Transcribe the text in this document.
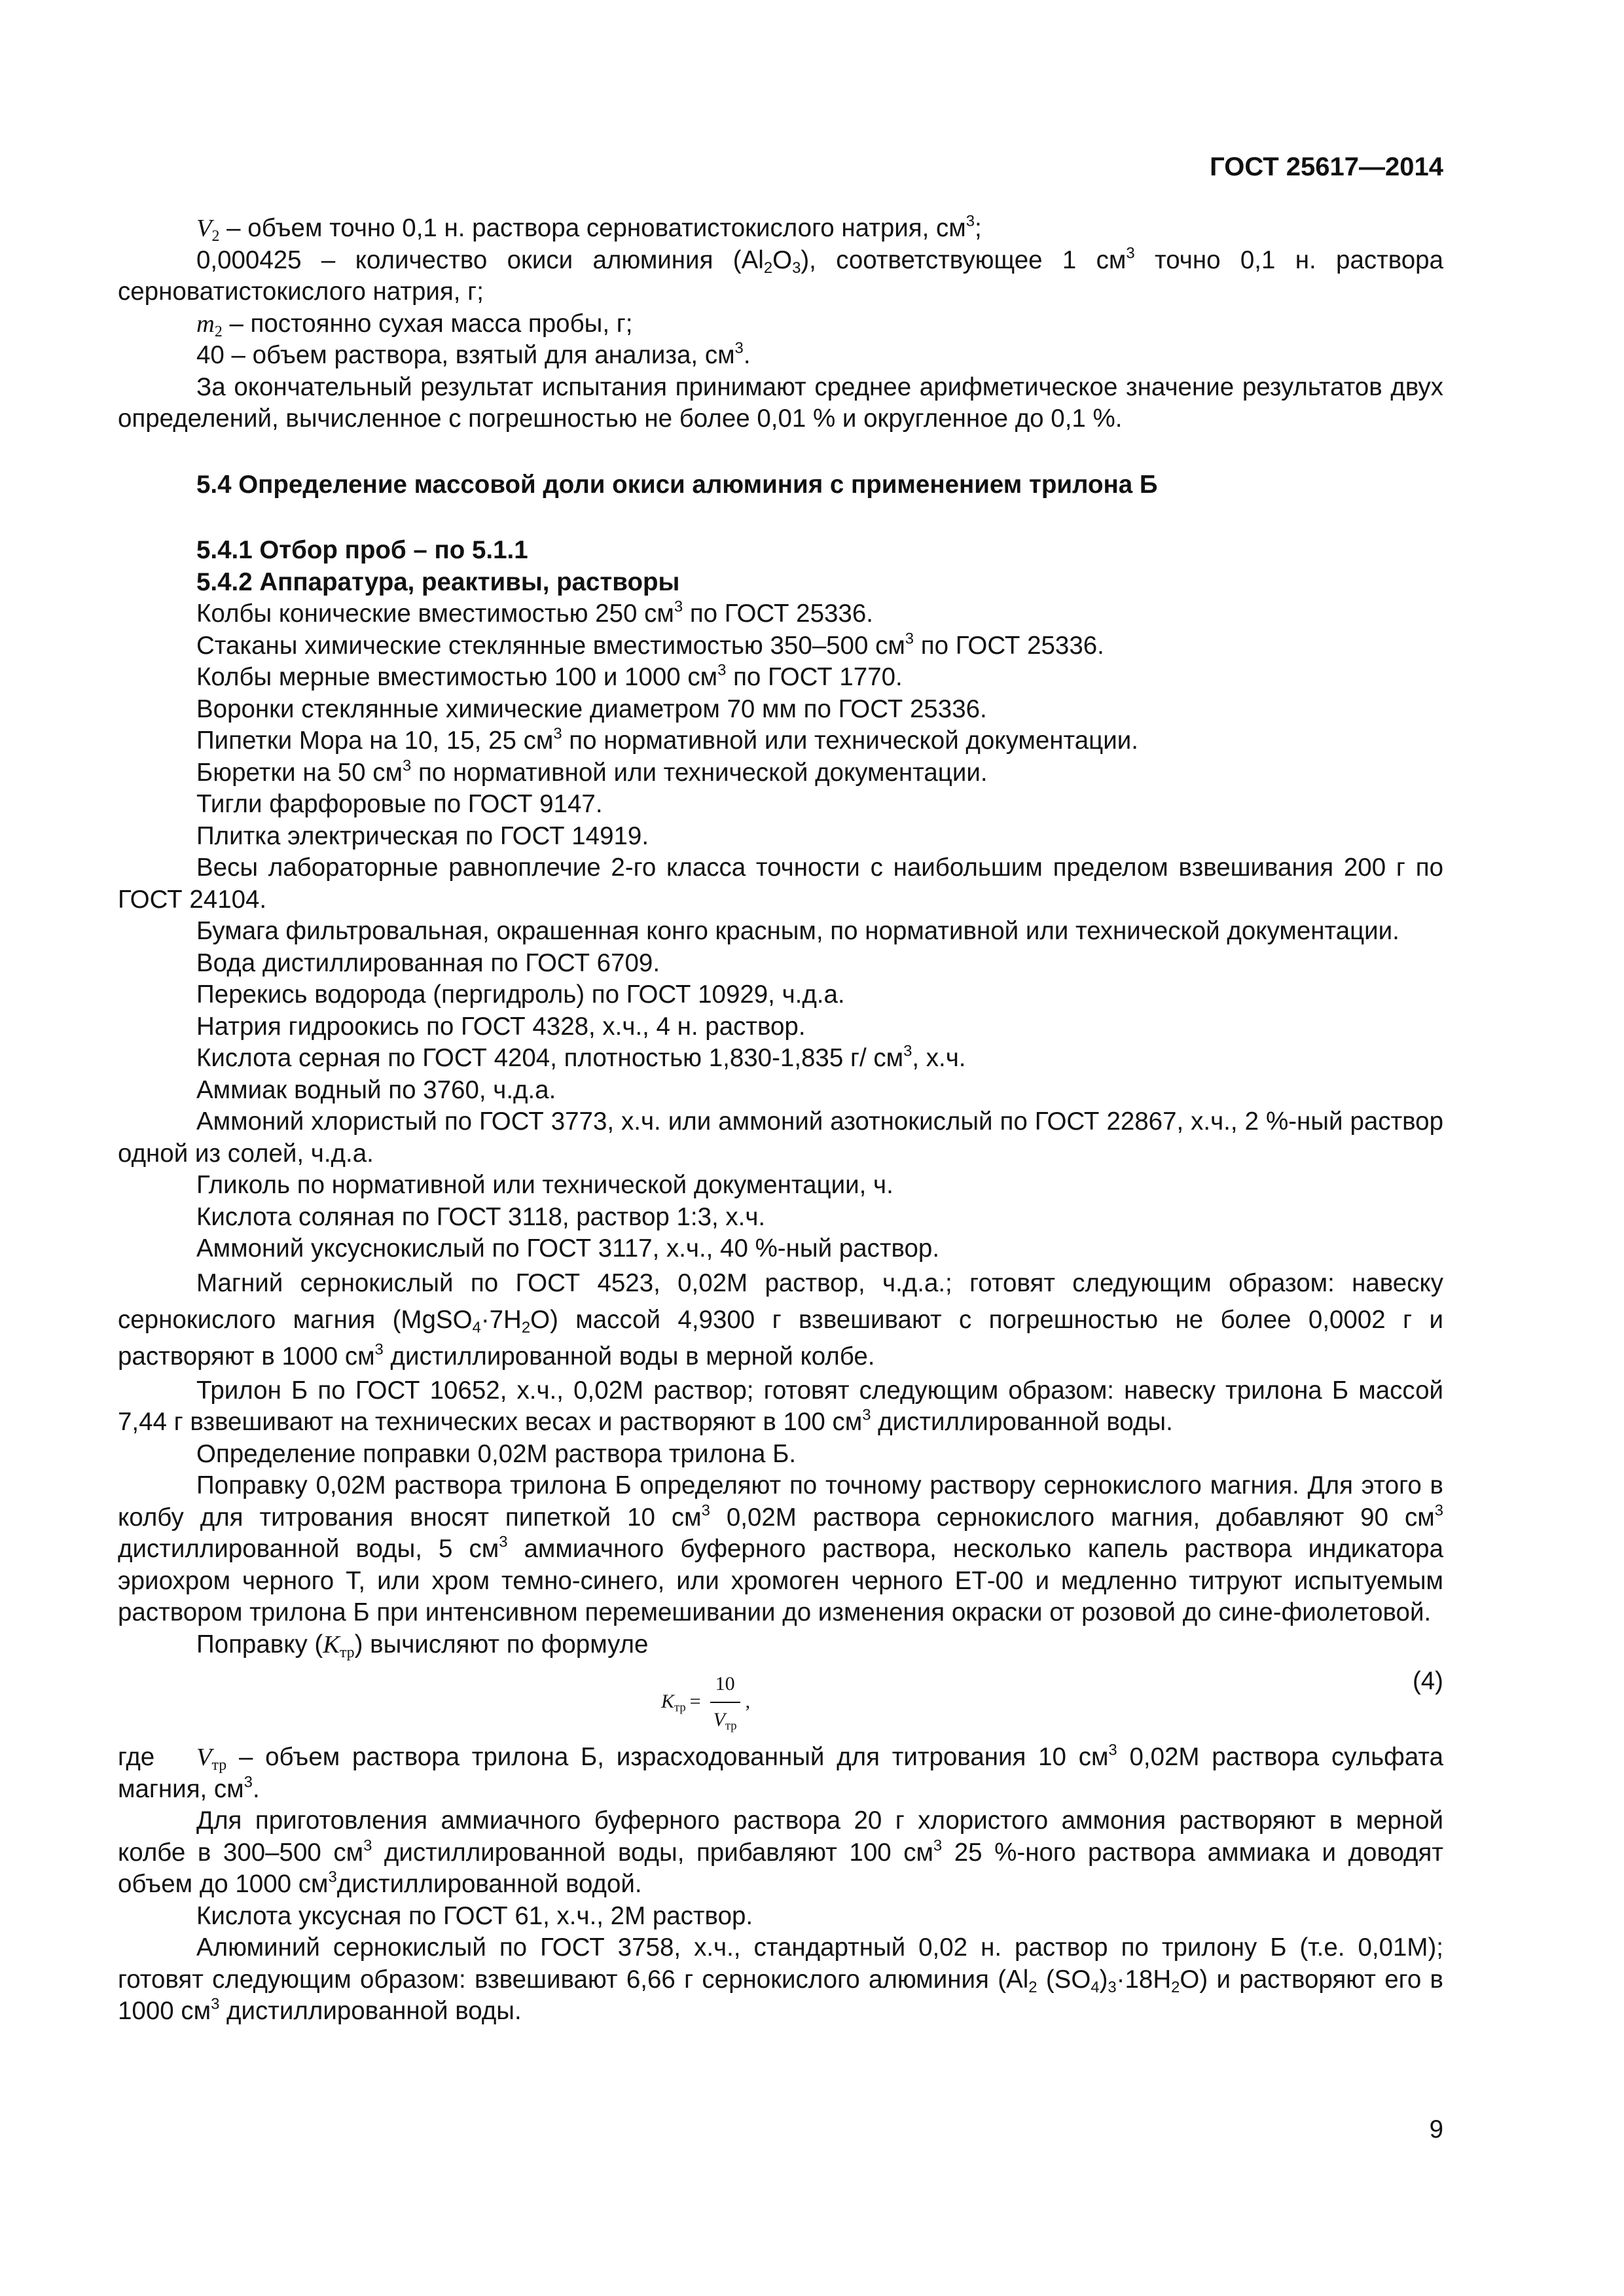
ГОСТ 25617—2014

$V_2$ – объем точно 0,1 н. раствора серноватистокислого натрия, $см^3$;

0,000425 – количество окиси алюминия $(Al_2O_3)$, соответствующее 1 $см^3$ точно 0,1 н. раствора серноватистокислого натрия, г;

$m_2$ – постоянно сухая масса пробы, г;

40 – объем раствора, взятый для анализа, $см^3$.

За окончательный результат испытания принимают среднее арифметическое значение результатов двух определений, вычисленное с погрешностью не более 0,01 % и округленное до 0,1 %.

5.4 Определение массовой доли окиси алюминия с применением трилона Б
5.4.1 Отбор проб – по 5.1.1
5.4.2 Аппаратура, реактивы, растворы

Колбы конические вместимостью 250 $см^3$ по ГОСТ 25336.

Стаканы химические стеклянные вместимостью 350–500 $см^3$ по ГОСТ 25336.

Колбы мерные вместимостью 100 и 1000 $см^3$ по ГОСТ 1770.

Воронки стеклянные химические диаметром 70 мм по ГОСТ 25336.

Пипетки Мора на 10, 15, 25 $см^3$ по нормативной или технической документации.

Бюретки на 50 $см^3$ по нормативной или технической документации.

Тигли фарфоровые по ГОСТ 9147.

Плитка электрическая по ГОСТ 14919.

Весы лабораторные равноплечие 2-го класса точности с наибольшим пределом взвешивания 200 г по ГОСТ 24104.

Бумага фильтровальная, окрашенная конго красным, по нормативной или технической документации.

Вода дистиллированная по ГОСТ 6709.

Перекись водорода (пергидроль) по ГОСТ 10929, ч.д.а.

Натрия гидроокись по ГОСТ 4328, х.ч., 4 н. раствор.

Кислота серная по ГОСТ 4204, плотностью 1,830-1,835 г/ $см^3$, х.ч.

Аммиак водный по 3760, ч.д.а.

Аммоний хлористый по ГОСТ 3773, х.ч. или аммоний азотнокислый по ГОСТ 22867, х.ч., 2 %-ный раствор одной из солей, ч.д.а.

Гликоль по нормативной или технической документации, ч.

Кислота соляная по ГОСТ 3118, раствор 1:3, х.ч.

Аммоний уксуснокислый по ГОСТ 3117, х.ч., 40 %-ный раствор.

Магний сернокислый по ГОСТ 4523, 0,02М раствор, ч.д.а.; готовят следующим образом: навеску сернокислого магния $(MgSO_4\cdot 7H_2O)$ массой 4,9300 г взвешивают с погрешностью не более 0,0002 г и растворяют в 1000 $см^3$ дистиллированной воды в мерной колбе.

Трилон Б по ГОСТ 10652, х.ч., 0,02М раствор; готовят следующим образом: навеску трилона Б массой 7,44 г взвешивают на технических весах и растворяют в 100 $см^3$ дистиллированной воды.

Определение поправки 0,02М раствора трилона Б.

Поправку 0,02М раствора трилона Б определяют по точному раствору сернокислого магния. Для этого в колбу для титрования вносят пипеткой 10 $см^3$ 0,02М раствора сернокислого магния, добавляют 90 $см^3$ дистиллированной воды, 5 $см^3$ аммиачного буферного раствора, несколько капель раствора индикатора эриохром черного Т, или хром темно-синего, или хромоген черного ЕТ-00 и медленно титруют испытуемым раствором трилона Б при интенсивном перемешивании до изменения окраски от розовой до сине-фиолетовой.

Поправку $(K_{тр})$ вычисляют по формуле

$K_{тр} = \frac{10}{V_{тр}}$ ,
(4)

где $V_{тр}$ – объем раствора трилона Б, израсходованный для титрования 10 $см^3$ 0,02М раствора сульфата магния, $см^3$.

Для приготовления аммиачного буферного раствора 20 г хлористого аммония растворяют в мерной колбе в 300–500 $см^3$ дистиллированной воды, прибавляют 100 $см^3$ 25 %-ного раствора аммиака и доводят объем до 1000 $см^3дистиллированной$ водой.

Кислота уксусная по ГОСТ 61, х.ч., 2М раствор.

Алюминий сернокислый по ГОСТ 3758, х.ч., стандартный 0,02 н. раствор по трилону Б (т.е. 0,01М); готовят следующим образом: взвешивают 6,66 г сернокислого алюминия ($Al_2$ $(SO_4)_3\cdot 18H_2O$) и растворяют его в 1000 $см^3$ дистиллированной воды.

9
